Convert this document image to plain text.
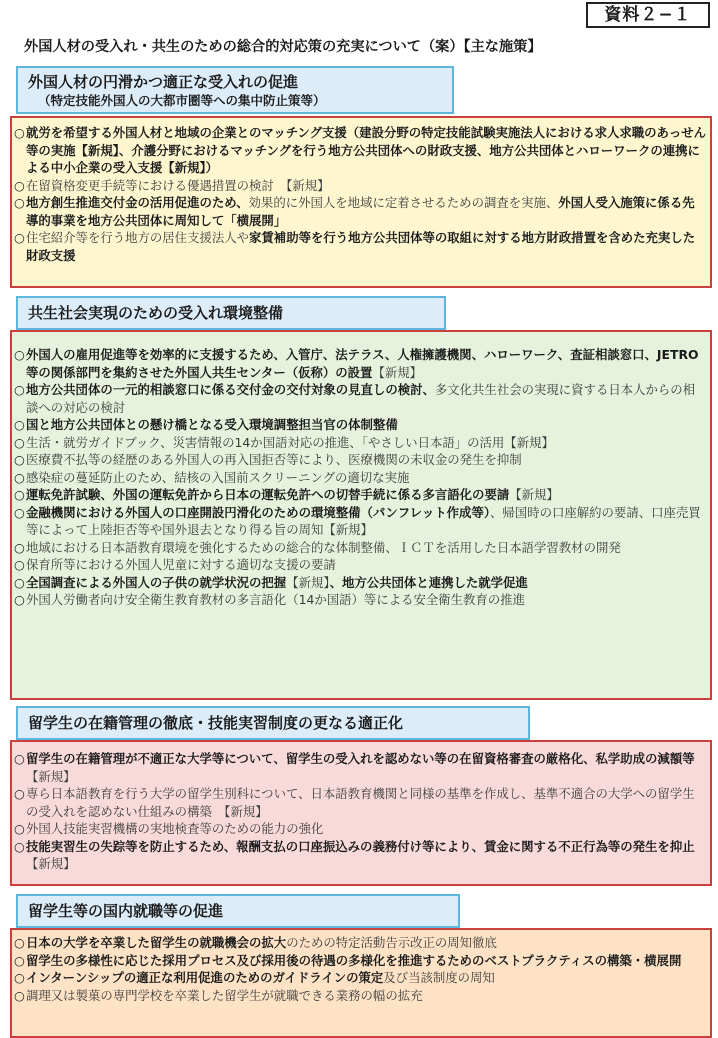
資料２−１
外国人材の受入れ・共生のための総合的対応策の充実について（案）【主な施策】
外国人材の円滑かつ適正な受入れの促進
（特定技能外国人の大都市圏等への集中防止策等）
○就労を希望する外国人材と地域の企業とのマッチング支援（建設分野の特定技能試験実施法人における求人求職のあっせん等の実施【新規】、介護分野におけるマッチングを行う地方公共団体への財政支援、地方公共団体とハローワークの連携による中小企業の受入支援【新規】）
○在留資格変更手続等における優遇措置の検討　【新規】
○地方創生推進交付金の活用促進のため、効果的に外国人を地域に定着させるための調査を実施、外国人受入施策に係る先導的事業を地方公共団体に周知して「横展開」
○住宅紹介等を行う地方の居住支援法人や家賃補助等を行う地方公共団体等の取組に対する地方財政措置を含めた充実した財政支援
共生社会実現のための受入れ環境整備
○外国人の雇用促進等を効率的に支援するため、入管庁、法テラス、人権擁護機関、ハローワーク、査証相談窓口、JETRO等の関係部門を集約させた外国人共生センター（仮称）の設置【新規】
○地方公共団体の一元的相談窓口に係る交付金の交付対象の見直しの検討、多文化共生社会の実現に資する日本人からの相談への対応の検討
○国と地方公共団体との懸け橋となる受入環境調整担当官の体制整備
○生活・就労ガイドブック、災害情報の14か国語対応の推進、「やさしい日本語」の活用【新規】
○医療費不払等の経歴のある外国人の再入国拒否等により、医療機関の未収金の発生を抑制
○感染症の蔓延防止のため、結核の入国前スクリーニングの適切な実施
○運転免許試験、外国の運転免許から日本の運転免許への切替手続に係る多言語化の要請【新規】
○金融機関における外国人の口座開設円滑化のための環境整備（パンフレット作成等）、帰国時の口座解約の要請、口座売買等によって上陸拒否等や国外退去となり得る旨の周知【新規】
○地域における日本語教育環境を強化するための総合的な体制整備、ＩＣＴを活用した日本語学習教材の開発
○保育所等における外国人児童に対する適切な支援の要請
○全国調査による外国人の子供の就学状況の把握【新規】、地方公共団体と連携した就学促進
○外国人労働者向け安全衛生教育教材の多言語化（14か国語）等による安全衛生教育の推進
留学生の在籍管理の徹底・技能実習制度の更なる適正化
○留学生の在籍管理が不適正な大学等について、留学生の受入れを認めない等の在留資格審査の厳格化、私学助成の減額等　【新規】
○専ら日本語教育を行う大学の留学生別科について、日本語教育機関と同様の基準を作成し、基準不適合の大学への留学生の受入れを認めない仕組みの構築　【新規】
○外国人技能実習機構の実地検査等のための能力の強化
○技能実習生の失踪等を防止するため、報酬支払の口座振込みの義務付け等により、賃金に関する不正行為等の発生を抑止　【新規】
留学生等の国内就職等の促進
○日本の大学を卒業した留学生の就職機会の拡大のための特定活動告示改正の周知徹底
○留学生の多様性に応じた採用プロセス及び採用後の待遇の多様化を推進するためのベストプラクティスの構築・横展開
○インターンシップの適正な利用促進のためのガイドラインの策定及び当該制度の周知
○調理又は製菓の専門学校を卒業した留学生が就職できる業務の幅の拡充
